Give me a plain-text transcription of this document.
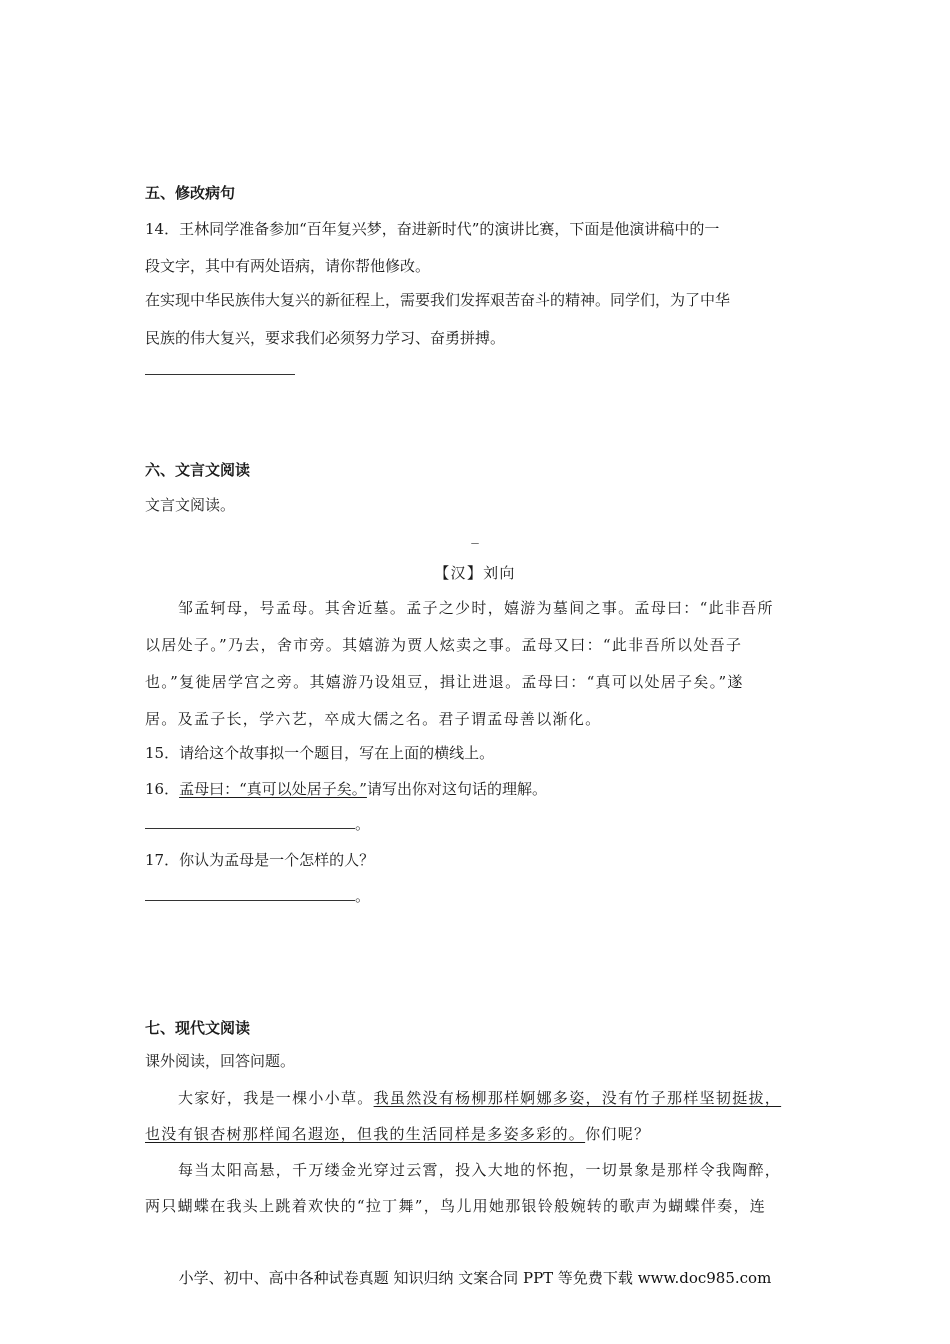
五、修改病句
14．王林同学准备参加“百年复兴梦，奋进新时代”的演讲比赛，下面是他演讲稿中的一
段文字，其中有两处语病，请你帮他修改。
在实现中华民族伟大复兴的新征程上，需要我们发挥艰苦奋斗的精神。同学们，为了中华
民族的伟大复兴，要求我们必须努力学习、奋勇拼搏。
六、文言文阅读
文言文阅读。
_
【汉】刘向
邹孟轲母，号孟母。其舍近墓。孟子之少时，嬉游为墓间之事。孟母曰：“此非吾所
以居处子。”乃去，舍市旁。其嬉游为贾人炫卖之事。孟母又曰：“此非吾所以处吾子
也。”复徙居学宫之旁。其嬉游乃设俎豆，揖让进退。孟母曰：“真可以处居子矣。”遂
居。及孟子长，学六艺，卒成大儒之名。君子谓孟母善以渐化。
15．请给这个故事拟一个题目，写在上面的横线上。
16．孟母曰：“真可以处居子矣。”请写出你对这句话的理解。
。
17．你认为孟母是一个怎样的人？
。
七、现代文阅读
课外阅读，回答问题。
大家好，我是一棵小小草。我虽然没有杨柳那样婀娜多姿，没有竹子那样坚韧挺拔，
也没有银杏树那样闻名遐迩，但我的生活同样是多姿多彩的。你们呢？
每当太阳高悬，千万缕金光穿过云霄，投入大地的怀抱，一切景象是那样令我陶醉，
两只蝴蝶在我头上跳着欢快的“拉丁舞”，鸟儿用她那银铃般婉转的歌声为蝴蝶伴奏，连
小学、初中、高中各种试卷真题 知识归纳 文案合同 PPT 等免费下载 www.doc985.com
